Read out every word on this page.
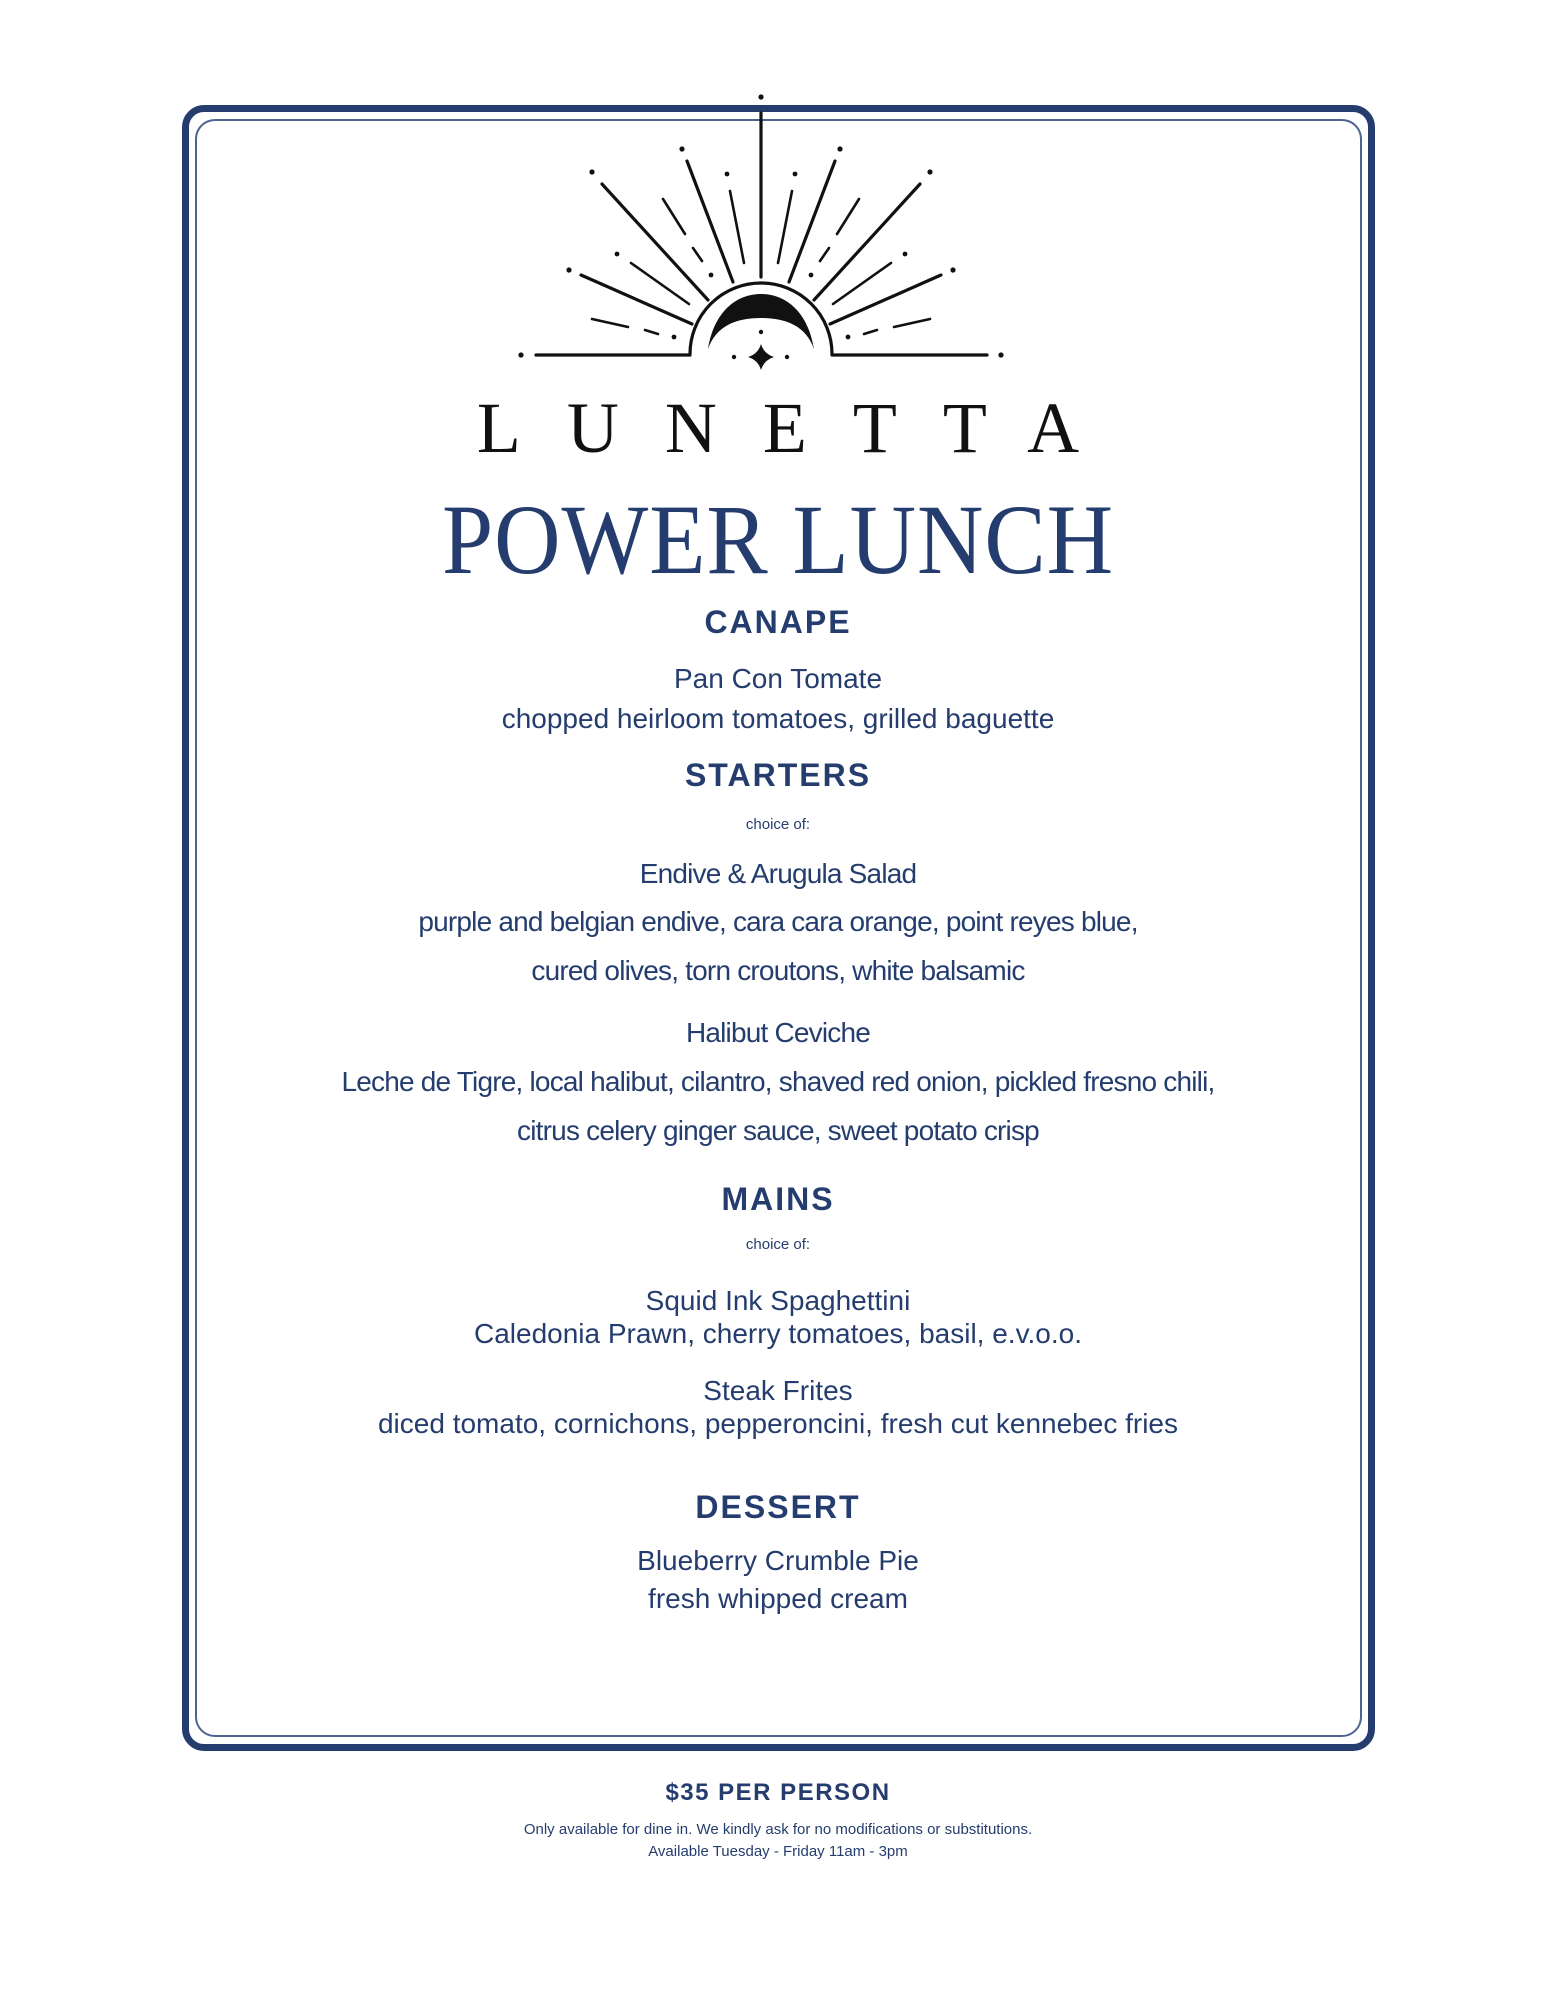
LUNETTA
POWER LUNCH
CANAPE
Pan Con Tomate
chopped heirloom tomatoes, grilled baguette
STARTERS
choice of:
Endive & Arugula Salad
purple and belgian endive, cara cara orange, point reyes blue,
cured olives, torn croutons, white balsamic
Halibut Ceviche
Leche de Tigre, local halibut, cilantro, shaved red onion, pickled fresno chili,
citrus celery ginger sauce, sweet potato crisp
MAINS
choice of:
Squid Ink Spaghettini
Caledonia Prawn, cherry tomatoes, basil, e.v.o.o.
Steak Frites
diced tomato, cornichons, pepperoncini, fresh cut kennebec fries
DESSERT
Blueberry Crumble Pie
fresh whipped cream
$35 PER PERSON
Only available for dine in. We kindly ask for no modifications or substitutions.
Available Tuesday - Friday 11am - 3pm
